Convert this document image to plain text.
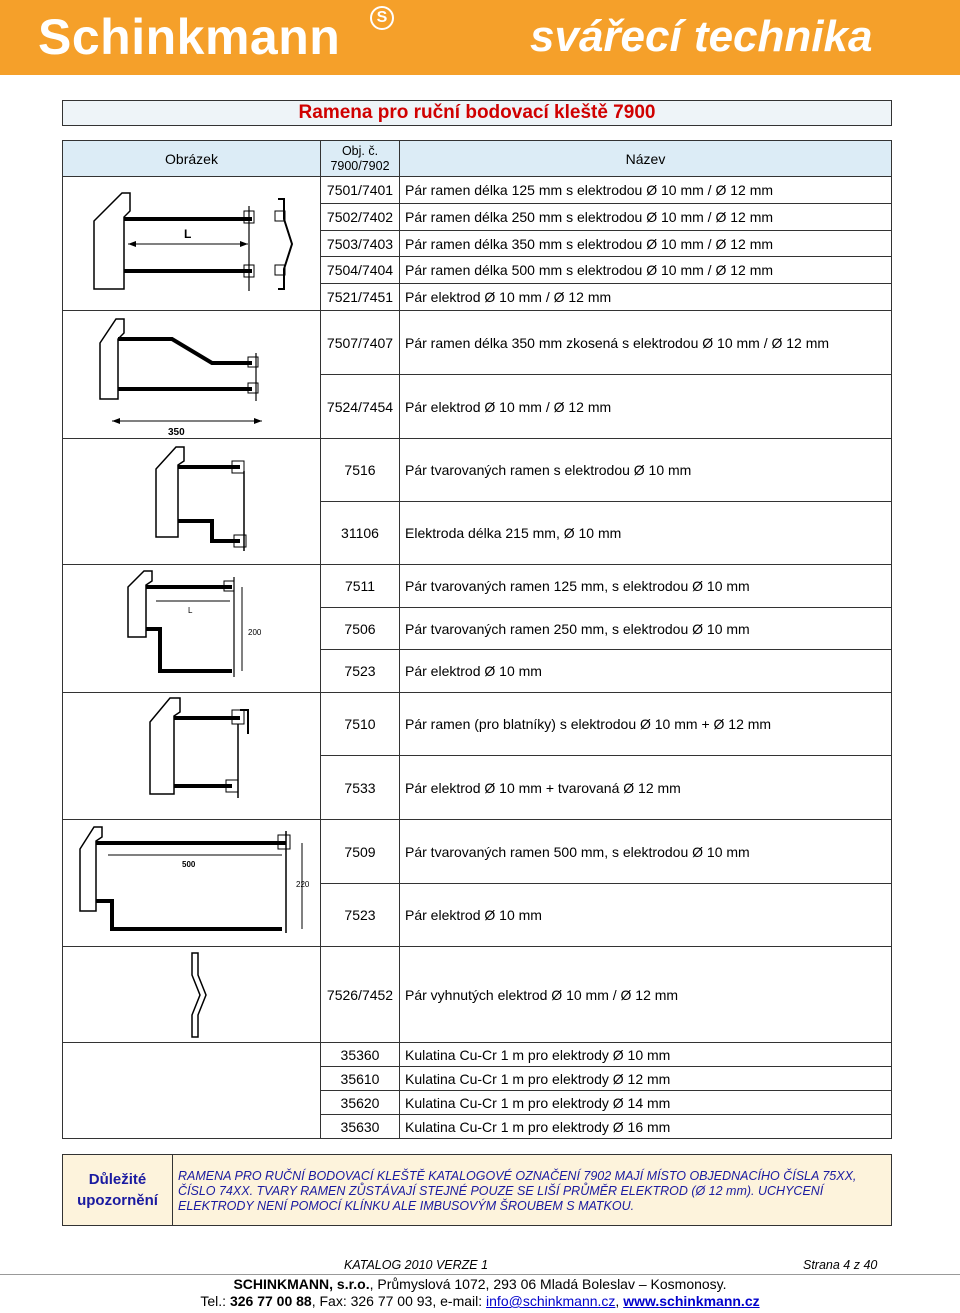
Schinkmann	S	svářecí technika
Ramena pro ruční bodovací kleště 7900
Obrázek	Obj. č. 7900/7902	Název

L	7501/7401	Pár ramen délka 125 mm s elektrodou Ø 10 mm / Ø 12 mm
	7502/7402	Pár ramen délka 250 mm s elektrodou Ø 10 mm / Ø 12 mm
	7503/7403	Pár ramen délka 350 mm s elektrodou Ø 10 mm / Ø 12 mm
	7504/7404	Pár ramen délka 500 mm s elektrodou Ø 10 mm / Ø 12 mm
	7521/7451	Pár elektrod Ø 10 mm / Ø 12 mm

350	7507/7407	Pár ramen délka 350 mm zkosená s elektrodou Ø 10 mm / Ø 12 mm
	7524/7454	Pár elektrod Ø 10 mm / Ø 12 mm

	7516	Pár tvarovaných ramen s elektrodou Ø 10 mm
	31106	Elektroda délka 215 mm, Ø 10 mm

L
200	7511	Pár tvarovaných ramen 125 mm, s elektrodou Ø 10 mm
	7506	Pár tvarovaných ramen 250 mm, s elektrodou Ø 10 mm
	7523	Pár elektrod Ø 10 mm

	7510	Pár ramen (pro blatníky) s elektrodou Ø 10 mm + Ø 12 mm
	7533	Pár elektrod Ø 10 mm + tvarovaná Ø 12 mm

500
220	7509	Pár tvarovaných ramen 500 mm, s elektrodou Ø 10 mm
	7523	Pár elektrod Ø 10 mm

	7526/7452	Pár vyhnutých elektrod Ø 10 mm / Ø 12 mm
	35360	Kulatina Cu-Cr 1 m pro elektrody Ø 10 mm
	35610	Kulatina Cu-Cr 1 m pro elektrody Ø 12 mm
	35620	Kulatina Cu-Cr 1 m pro elektrody Ø 14 mm
	35630	Kulatina Cu-Cr 1 m pro elektrody Ø 16 mm
Důležité
upozornění
RAMENA PRO RUČNÍ BODOVACÍ KLEŠTĚ KATALOGOVÉ OZNAČENÍ 7902 MAJÍ MÍSTO OBJEDNACÍHO ČÍSLA 75XX, ČÍSLO 74XX. TVARY RAMEN ZŮSTÁVAJÍ STEJNÉ POUZE SE LIŠÍ PRŮMĚR ELEKTROD (Ø 12 mm). UCHYCENÍ ELEKTRODY NENÍ POMOCÍ KLÍNKU ALE IMBUSOVÝM ŠROUBEM S MATKOU.
KATALOG 2010 VERZE 1	Strana 4 z 40
SCHINKMANN, s.r.o., Průmyslová 1072, 293 06 Mladá Boleslav – Kosmonosy.
Tel.: 326 77 00 88, Fax: 326 77 00 93, e-mail: info@schinkmann.cz, www.schinkmann.cz
